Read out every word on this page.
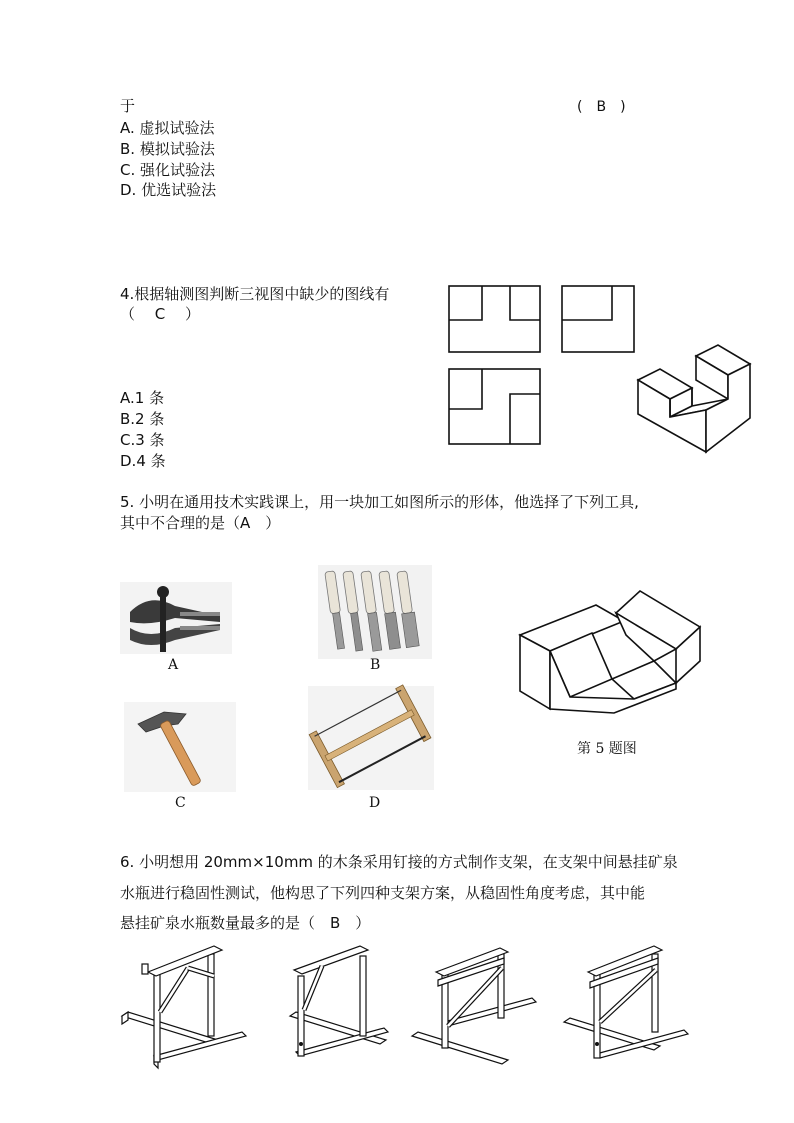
于	(　B　)
A. 虚拟试验法
B. 模拟试验法
C. 强化试验法
D. 优选试验法
4.根据轴测图判断三视图中缺少的图线有
（　 C　 ）
A.1 条
B.2 条
C.3 条
D.4 条
5. 小明在通用技术实践课上，用一块加工如图所示的形体，他选择了下列工具,
其中不合理的是（A　）
A	B
C	D
第 5 题图
6. 小明想用 20mm×10mm 的木条采用钉接的方式制作支架，在支架中间悬挂矿泉
水瓶进行稳固性测试，他构思了下列四种支架方案，从稳固性角度考虑，其中能
悬挂矿泉水瓶数量最多的是（　B　）
